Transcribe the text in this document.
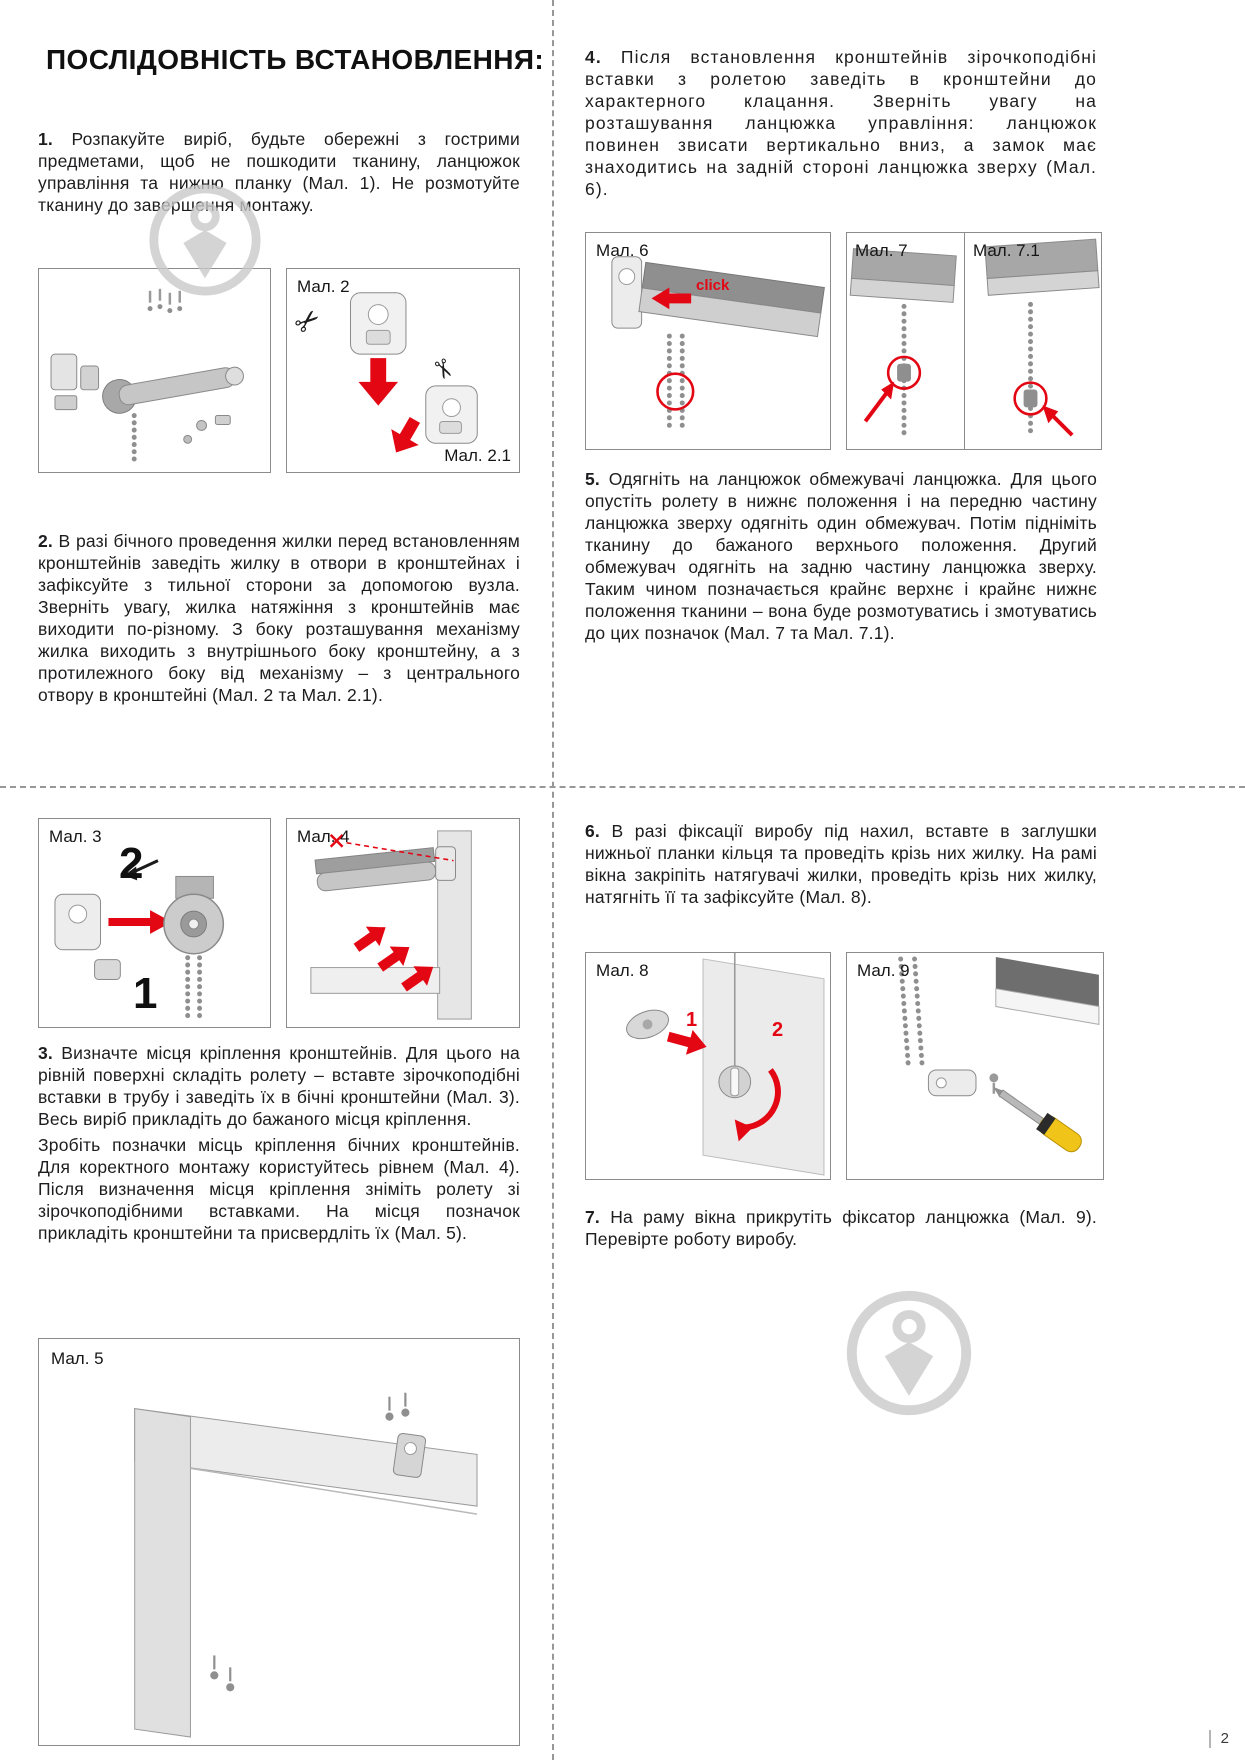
ПОСЛІДОВНІСТЬ ВСТАНОВЛЕННЯ:

1. Розпакуйте виріб, будьте обережні з гострими предметами, щоб не пошкодити тканину, ланцюжок управління та нижню планку (Мал. 1). Не розмотуйте тканину до завершення монтажу.

✂
✂
Мал. 2
Мал. 2.1

2. В разі бічного проведення жилки перед встановленням кронштейнів заведіть жилку в отвори в кронштейнах і зафіксуйте з тильної сторони за допомогою вузла. Зверніть увагу, жилка натяжіння з кронштейнів має виходити по-різному. З боку розташування механізму жилка виходить з внутрішнього боку кронштейну, а з протилежного боку від механізму – з центрального отвору в кронштейні (Мал. 2 та Мал. 2.1).

2
1
Мал. 3	Мал. 4

3. Визначте місця кріплення кронштейнів. Для цього на рівній поверхні складіть ролету – вставте зірочкоподібні вставки в трубу і заведіть їх в бічні кронштейни (Мал. 3). Весь виріб прикладіть до бажаного місця кріплення.

Зробіть позначки місць кріплення бічних кронштейнів. Для коректного монтажу користуйтесь рівнем (Мал. 4). Після визначення місця кріплення зніміть ролету зі зірочкоподібними вставками. На місця позначок прикладіть кронштейни та присвердліть їх (Мал. 5).

Мал. 5

4. Після встановлення кронштейнів зірочкоподібні вставки з ролетою заведіть в кронштейни до характерного клацання. Зверніть увагу на розташування ланцюжка управління: ланцюжок повинен звисати вертикально вниз, а замок має знаходитись на задній стороні ланцюжка зверху (Мал. 6).

click
Мал. 6	Мал. 7	Мал. 7.1

5. Одягніть на ланцюжок обмежувачі ланцюжка. Для цього опустіть ролету в нижнє положення і на передню частину ланцюжка зверху одягніть один обмежувач. Потім підніміть тканину до бажаного верхнього положення. Другий обмежувач одягніть на задню частину ланцюжка зверху. Таким чином позначається крайнє верхнє і крайнє нижнє положення тканини – вона буде розмотуватись і змотуватись до цих позначок (Мал. 7 та Мал. 7.1).

6. В разі фіксації виробу під нахил, вставте в заглушки нижньої планки кільця та проведіть крізь них жилку. На рамі вікна закріпіть натягувачі жилки, проведіть крізь них жилку, натягніть її та зафіксуйте (Мал. 8).

1	2
Мал. 8	Мал. 9

7. На раму вікна прикрутіть фіксатор ланцюжка (Мал. 9). Перевірте роботу виробу.

2
